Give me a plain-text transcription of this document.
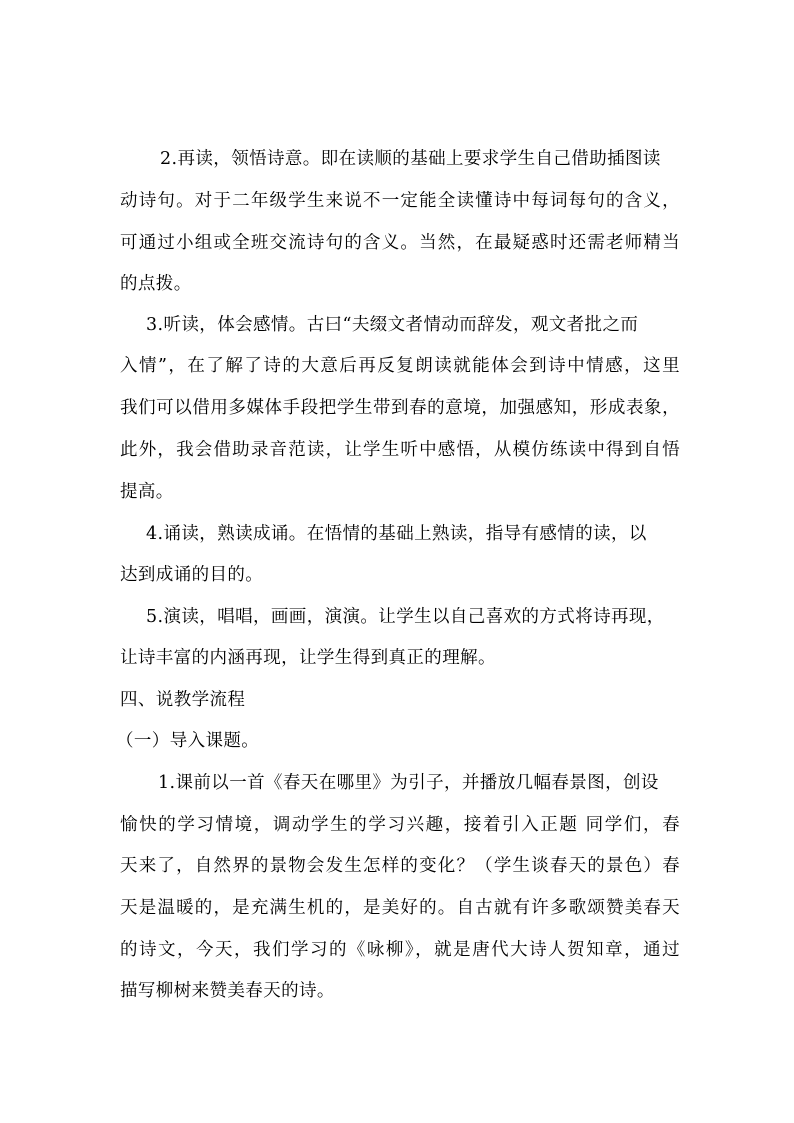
2.再读，领悟诗意。即在读顺的基础上要求学生自己借助插图读
动诗句。对于二年级学生来说不一定能全读懂诗中每词每句的含义，
可通过小组或全班交流诗句的含义。当然，在最疑惑时还需老师精当
的点拨。
3.听读，体会感情。古曰“夫缀文者情动而辞发，观文者批之而
入情”，在了解了诗的大意后再反复朗读就能体会到诗中情感，这里
我们可以借用多媒体手段把学生带到春的意境，加强感知，形成表象，
此外，我会借助录音范读，让学生听中感悟，从模仿练读中得到自悟
提高。
4.诵读，熟读成诵。在悟情的基础上熟读，指导有感情的读，以
达到成诵的目的。
5.演读，唱唱，画画，演演。让学生以自己喜欢的方式将诗再现，
让诗丰富的内涵再现，让学生得到真正的理解。
四、说教学流程
（一）导入课题。
1.课前以一首《春天在哪里》为引子，并播放几幅春景图，创设
愉快的学习情境，调动学生的学习兴趣，接着引入正题 同学们，春
天来了，自然界的景物会发生怎样的变化？（学生谈春天的景色）春
天是温暖的，是充满生机的，是美好的。自古就有许多歌颂赞美春天
的诗文，今天，我们学习的《咏柳》，就是唐代大诗人贺知章，通过
描写柳树来赞美春天的诗。
